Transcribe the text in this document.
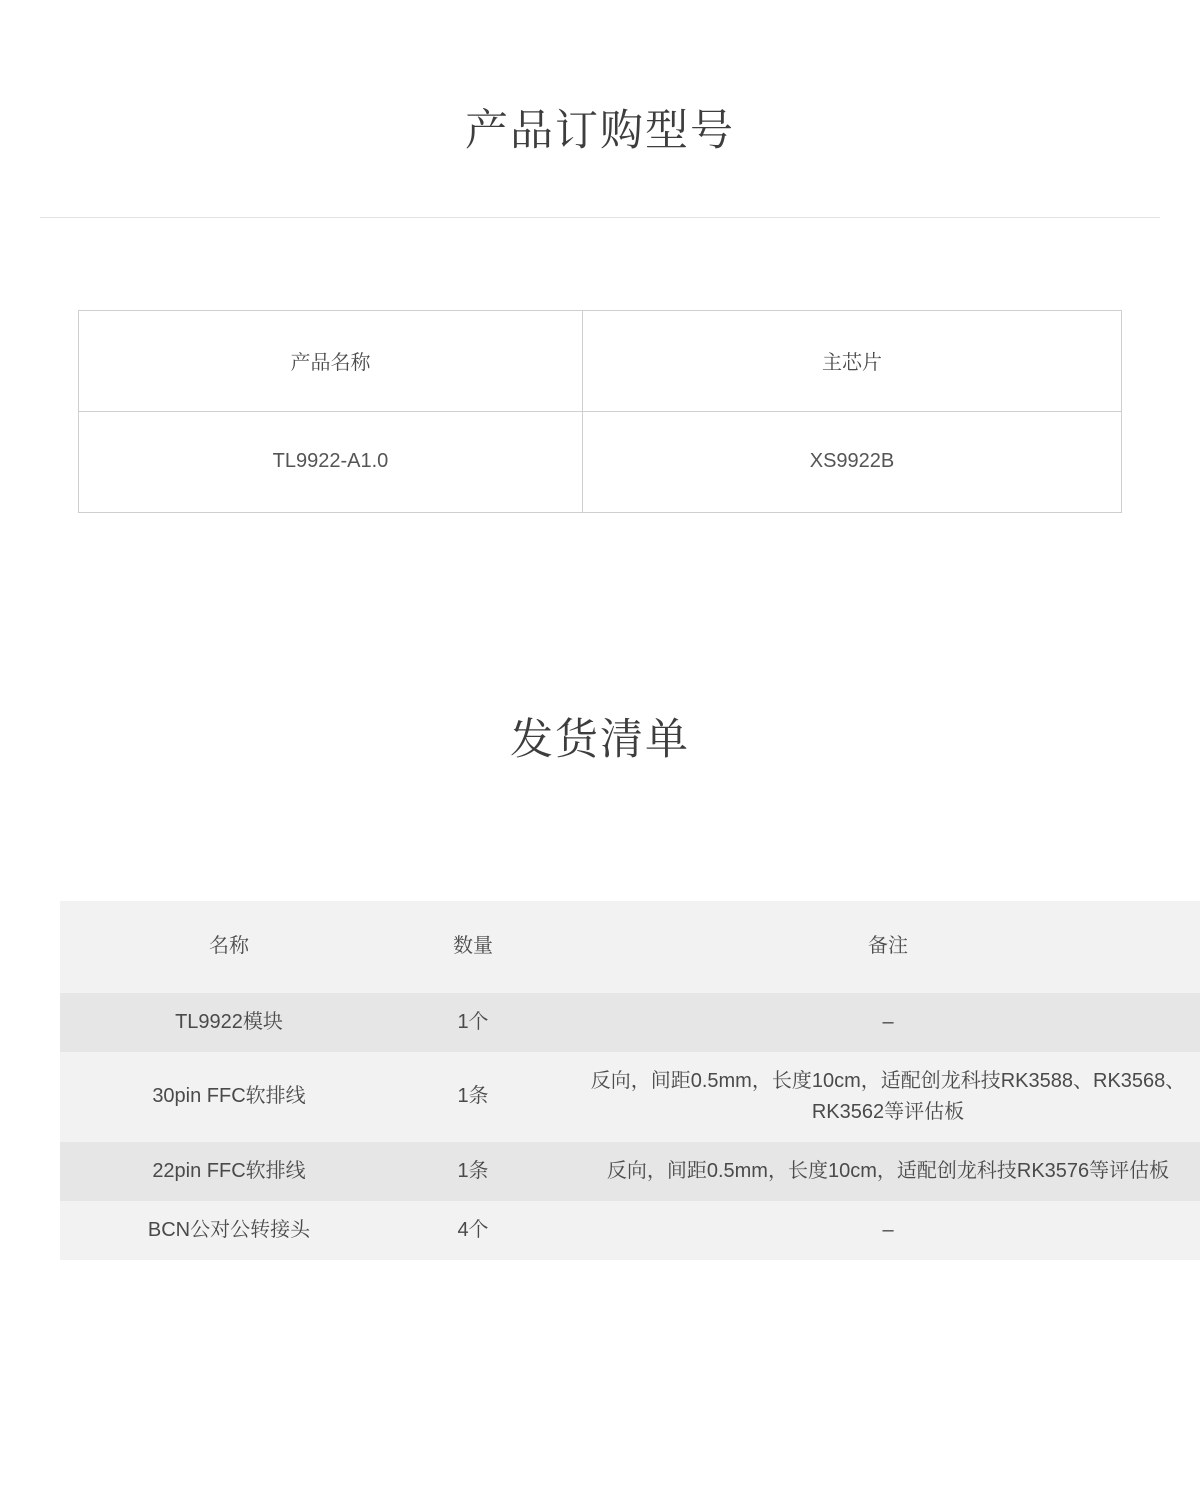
产品订购型号
产品名称	主芯片
TL9922-A1.0	XS9922B
发货清单
名称	数量	备注
TL9922模块	1个	–
30pin FFC软排线	1条	反向，间距0.5mm，长度10cm，适配创龙科技RK3588、RK3568、RK3562等评估板
22pin FFC软排线	1条	反向，间距0.5mm，长度10cm，适配创龙科技RK3576等评估板
BCN公对公转接头	4个	–
